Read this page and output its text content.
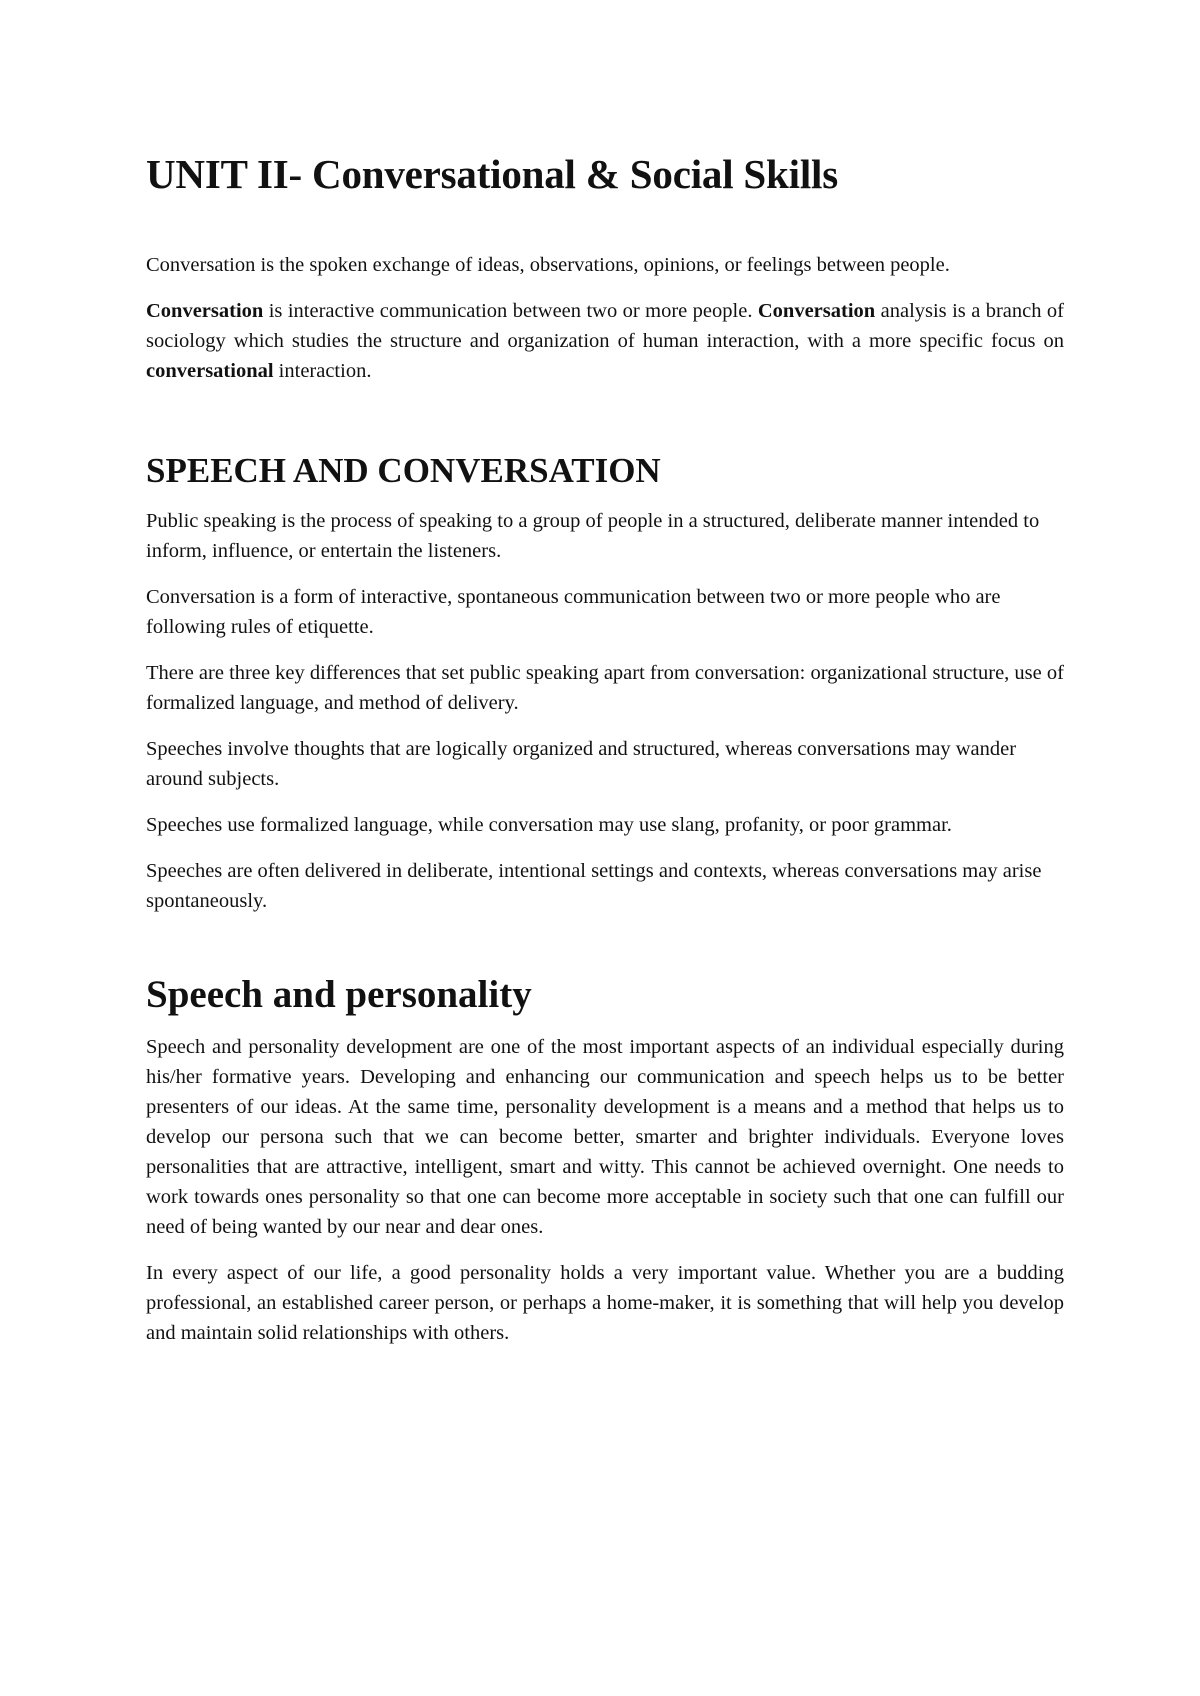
UNIT II- Conversational & Social Skills

Conversation is the spoken exchange of ideas, observations, opinions, or feelings between people.

Conversation is interactive communication between two or more people. Conversation analysis is a branch of sociology which studies the structure and organization of human interaction, with a more specific focus on conversational interaction.

SPEECH AND CONVERSATION

Public speaking is the process of speaking to a group of people in a structured, deliberate manner intended to inform, influence, or entertain the listeners.

Conversation is a form of interactive, spontaneous communication between two or more people who are following rules of etiquette.

There are three key differences that set public speaking apart from conversation: organizational structure, use of formalized language, and method of delivery.

Speeches involve thoughts that are logically organized and structured, whereas conversations may wander around subjects.

Speeches use formalized language, while conversation may use slang, profanity, or poor grammar.

Speeches are often delivered in deliberate, intentional settings and contexts, whereas conversations may arise spontaneously.

Speech and personality

Speech and personality development are one of the most important aspects of an individual especially during his/her formative years. Developing and enhancing our communication and speech helps us to be better presenters of our ideas. At the same time, personality development is a means and a method that helps us to develop our persona such that we can become better, smarter and brighter individuals. Everyone loves personalities that are attractive, intelligent, smart and witty. This cannot be achieved overnight. One needs to work towards ones personality so that one can become more acceptable in society such that one can fulfill our need of being wanted by our near and dear ones.

In every aspect of our life, a good personality holds a very important value. Whether you are a budding professional, an established career person, or perhaps a home-maker, it is something that will help you develop and maintain solid relationships with others.
